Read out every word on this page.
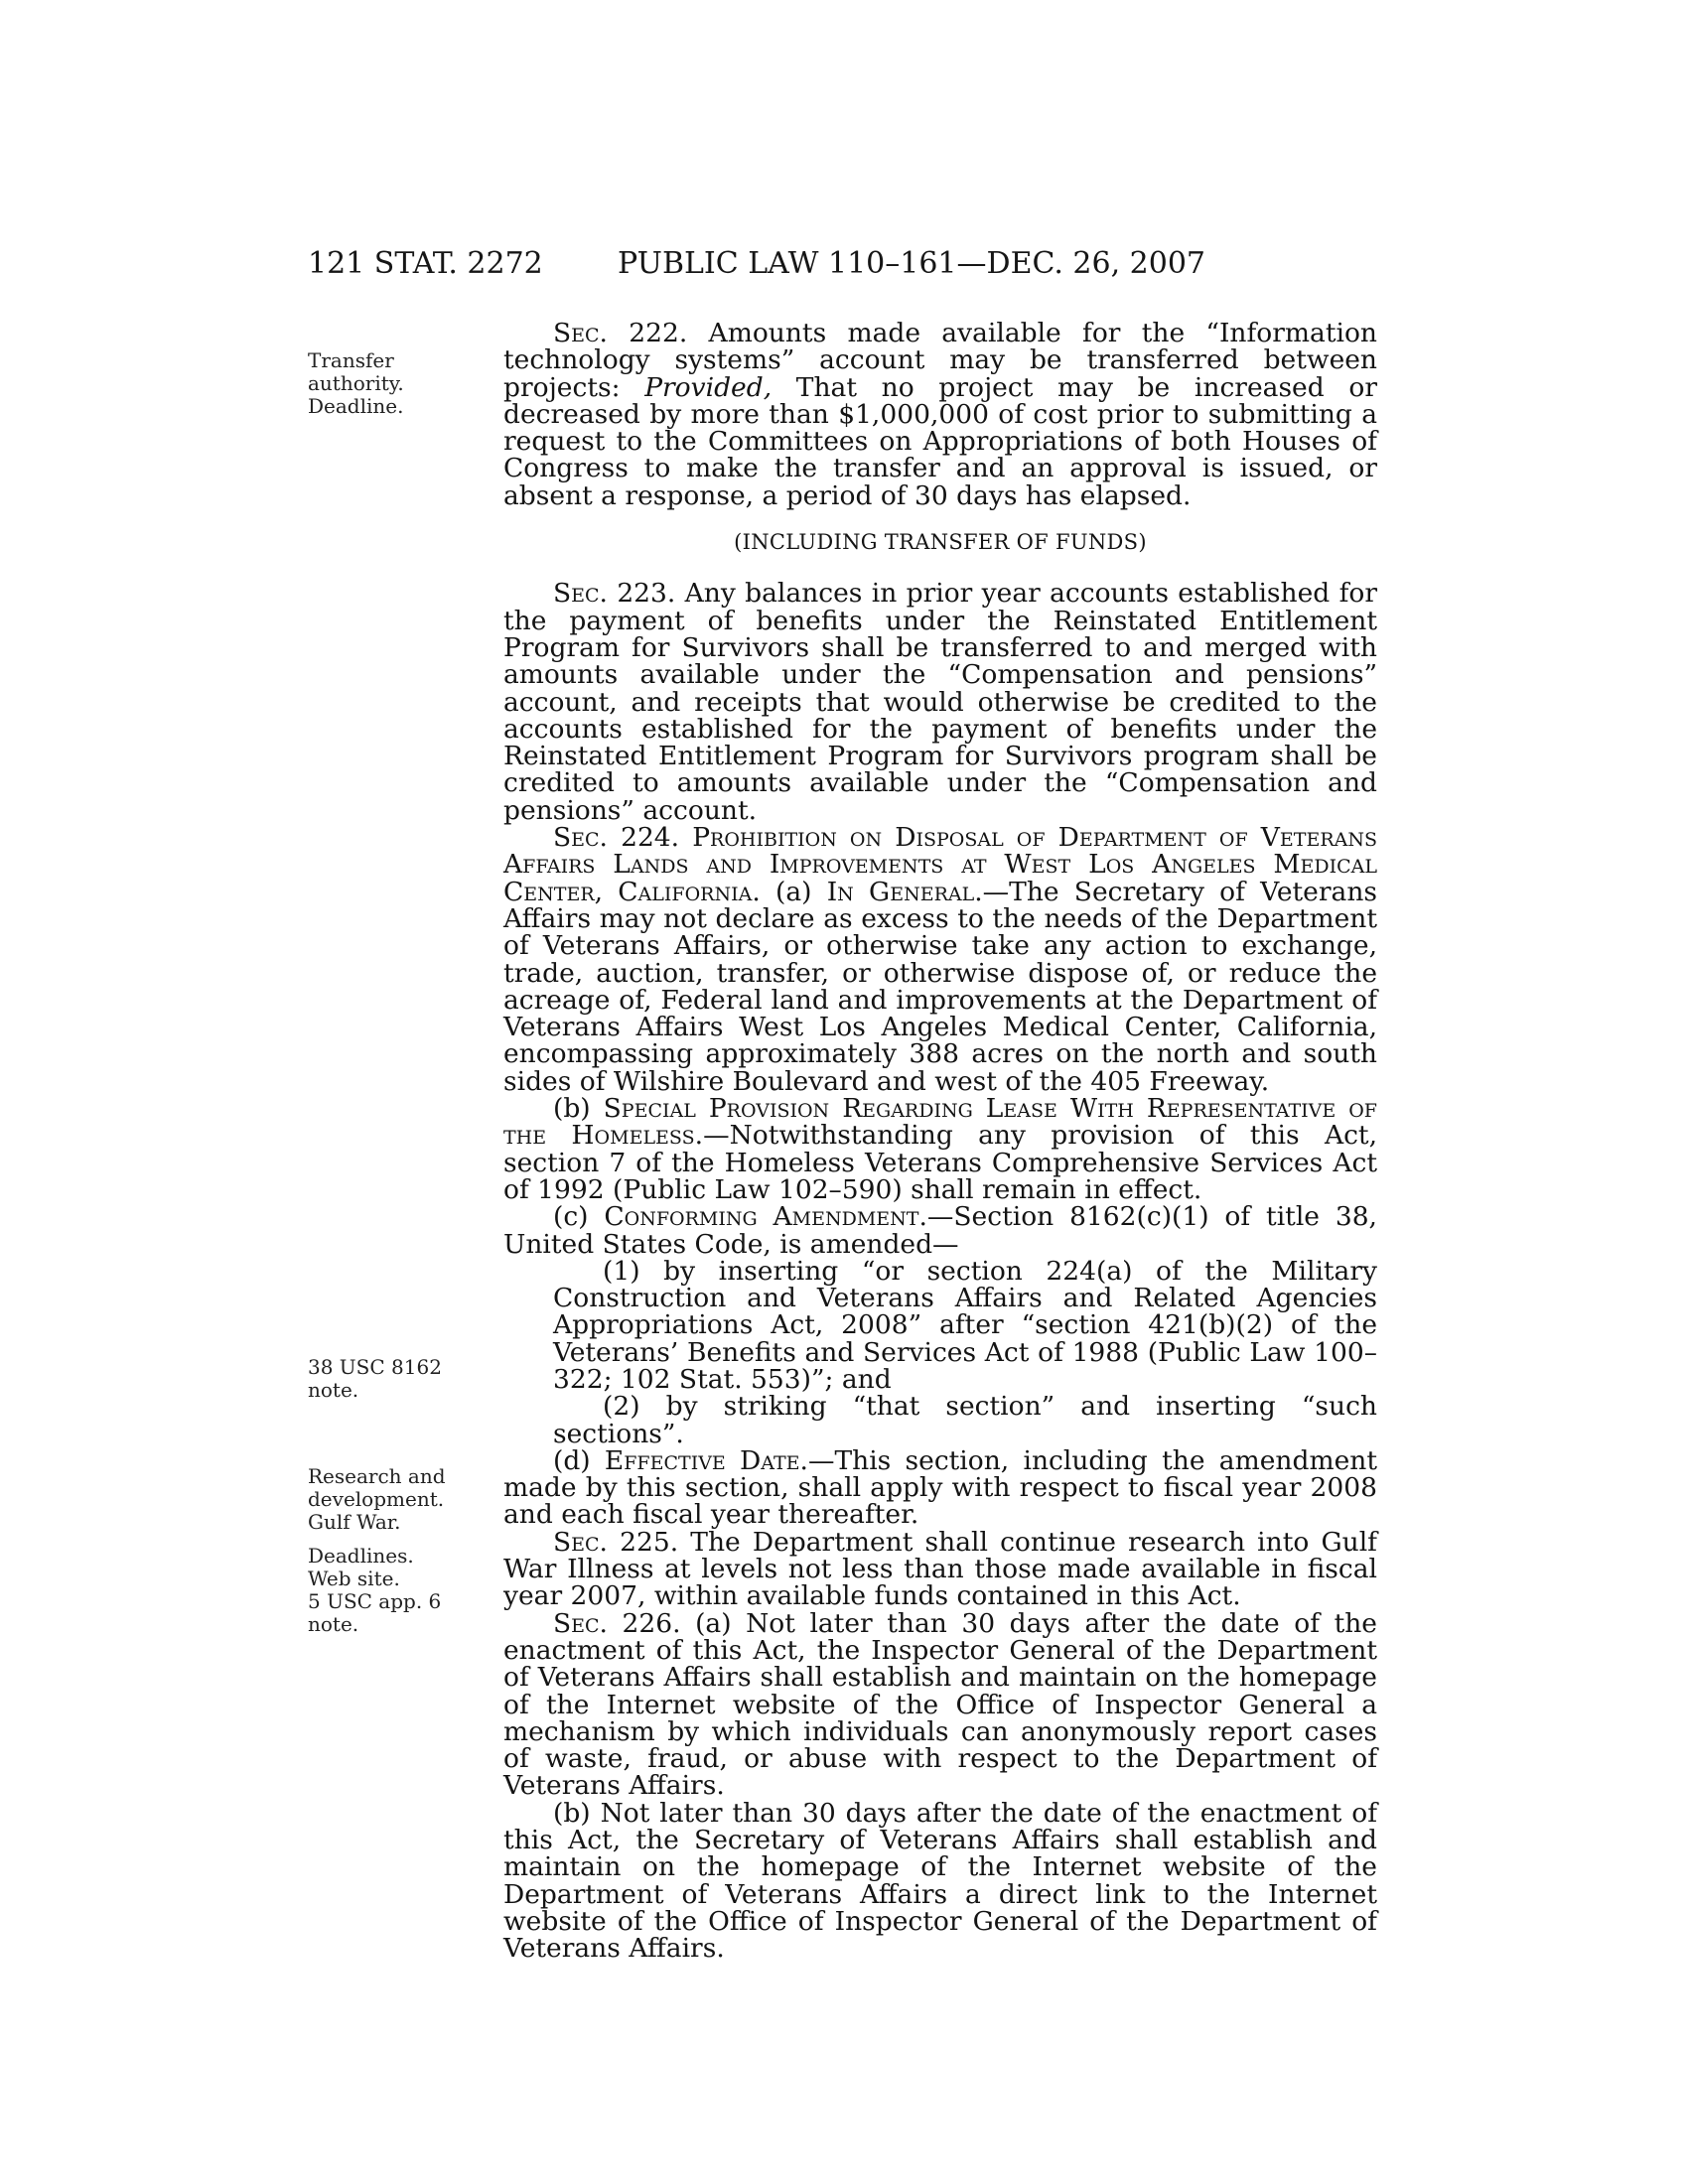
121 STAT. 2272	PUBLIC LAW 110–161—DEC. 26, 2007
Transfer
authority.
Deadline.
38 USC 8162
note.
Research and
development.
Gulf War.
Deadlines.
Web site.
5 USC app. 6
note.

Sec. 222. Amounts made available for the “Information technology systems” account may be transferred between projects: Provided, That no project may be increased or decreased by more than $1,000,000 of cost prior to submitting a request to the Committees on Appropriations of both Houses of Congress to make the transfer and an approval is issued, or absent a response, a period of 30 days has elapsed.

(INCLUDING TRANSFER OF FUNDS)

Sec. 223. Any balances in prior year accounts established for the payment of benefits under the Reinstated Entitlement Program for Survivors shall be transferred to and merged with amounts available under the “Compensation and pensions” account, and receipts that would otherwise be credited to the accounts established for the payment of benefits under the Reinstated Entitlement Program for Survivors program shall be credited to amounts available under the “Compensation and pensions” account.

Sec. 224. Prohibition on Disposal of Department of Veterans Affairs Lands and Improvements at West Los Angeles Medical Center, California. (a) In General.—The Secretary of Veterans Affairs may not declare as excess to the needs of the Department of Veterans Affairs, or otherwise take any action to exchange, trade, auction, transfer, or otherwise dispose of, or reduce the acreage of, Federal land and improvements at the Department of Veterans Affairs West Los Angeles Medical Center, California, encompassing approximately 388 acres on the north and south sides of Wilshire Boulevard and west of the 405 Freeway.

(b) Special Provision Regarding Lease With Representative of the Homeless.—Notwithstanding any provision of this Act, section 7 of the Homeless Veterans Comprehensive Services Act of 1992 (Public Law 102–590) shall remain in effect.

(c) Conforming Amendment.—Section 8162(c)(1) of title 38, United States Code, is amended—

(1) by inserting “or section 224(a) of the Military Construction and Veterans Affairs and Related Agencies Appropriations Act, 2008” after “section 421(b)(2) of the Veterans’ Benefits and Services Act of 1988 (Public Law 100–322; 102 Stat. 553)”; and

(2) by striking “that section” and inserting “such sections”.

(d) Effective Date.—This section, including the amendment made by this section, shall apply with respect to fiscal year 2008 and each fiscal year thereafter.

Sec. 225. The Department shall continue research into Gulf War Illness at levels not less than those made available in fiscal year 2007, within available funds contained in this Act.

Sec. 226. (a) Not later than 30 days after the date of the enactment of this Act, the Inspector General of the Department of Veterans Affairs shall establish and maintain on the homepage of the Internet website of the Office of Inspector General a mechanism by which individuals can anonymously report cases of waste, fraud, or abuse with respect to the Department of Veterans Affairs.

(b) Not later than 30 days after the date of the enactment of this Act, the Secretary of Veterans Affairs shall establish and maintain on the homepage of the Internet website of the Department of Veterans Affairs a direct link to the Internet website of the Office of Inspector General of the Department of Veterans Affairs.
